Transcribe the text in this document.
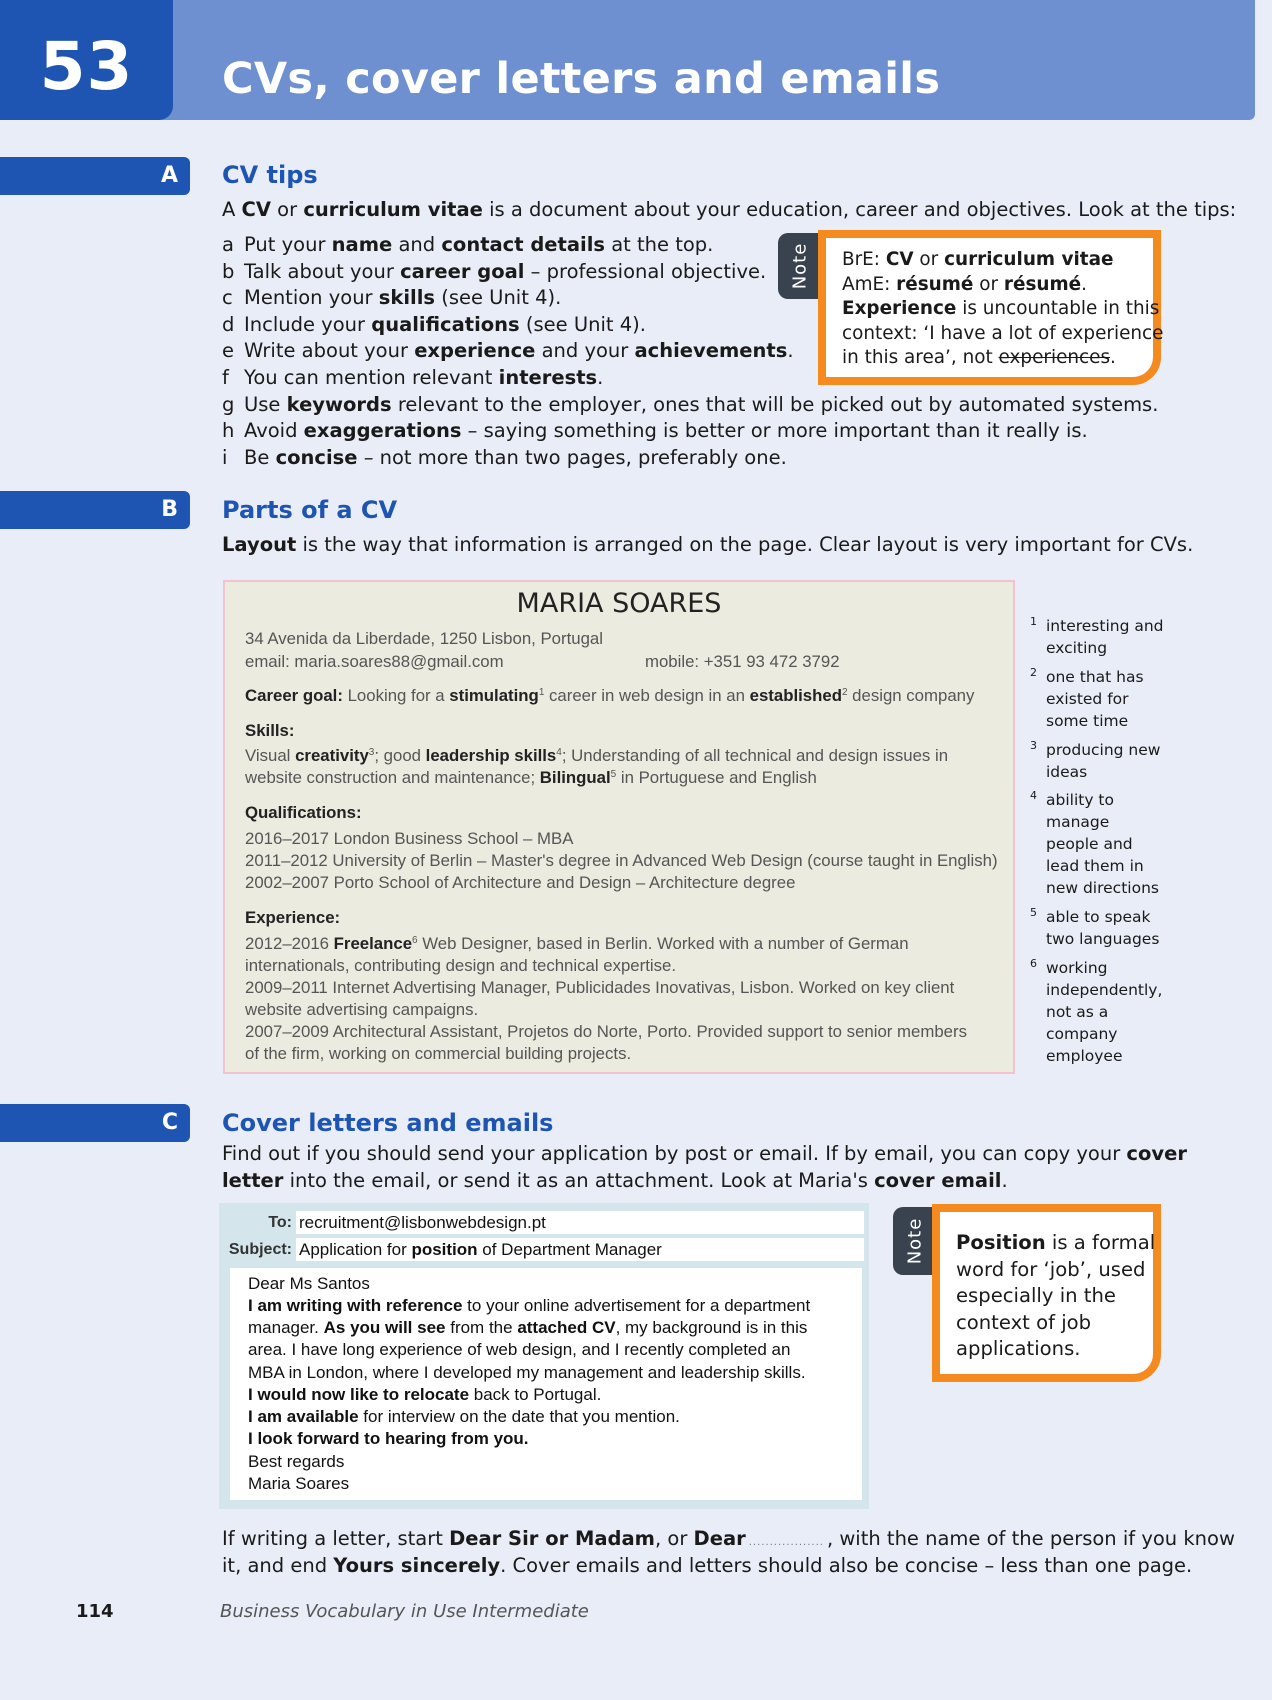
53	CVs, cover letters and emails
A CV tips
A CV or curriculum vitae is a document about your education, career and objectives. Look at the tips:
a Put your name and contact details at the top.
b Talk about your career goal – professional objective.
c Mention your skills (see Unit 4).
d Include your qualifications (see Unit 4).
e Write about your experience and your achievements.
f You can mention relevant interests.
g Use keywords relevant to the employer, ones that will be picked out by automated systems.
h Avoid exaggerations – saying something is better or more important than it really is.
i Be concise – not more than two pages, preferably one.
Note BrE: CV or curriculum vitae
AmE: résumé or résumé.
Experience is uncountable in this
context: ‘I have a lot of experience
in this area’, not experiences.
B Parts of a CV
Layout is the way that information is arranged on the page. Clear layout is very important for CVs.
MARIA SOARES
34 Avenida da Liberdade, 1250 Lisbon, Portugal
email: maria.soares88@gmail.com	mobile: +351 93 472 3792
Career goal: Looking for a stimulating$^1$ career in web design in an established$^2$ design company
Skills:
Visual creativity$^3$; good leadership skills$^4$; Understanding of all technical and design issues in
website construction and maintenance; Bilingual$^5$ in Portuguese and English
Qualifications:
2016–2017 London Business School – MBA
2011–2012 University of Berlin – Master's degree in Advanced Web Design (course taught in English)
2002–2007 Porto School of Architecture and Design – Architecture degree
Experience:
2012–2016 Freelance$^6$ Web Designer, based in Berlin. Worked with a number of German
internationals, contributing design and technical expertise.
2009–2011 Internet Advertising Manager, Publicidades Inovativas, Lisbon. Worked on key client
website advertising campaigns.
2007–2009 Architectural Assistant, Projetos do Norte, Porto. Provided support to senior members
of the firm, working on commercial building projects.
1 interesting and exciting
2 one that has existed for some time
3 producing new ideas
4 ability to manage people and lead them in new directions
5 able to speak two languages
6 working independently, not as a company employee
C Cover letters and emails
Find out if you should send your application by post or email. If by email, you can copy your cover
letter into the email, or send it as an attachment. Look at Maria's cover email.
To: recruitment@lisbonwebdesign.pt
Subject: Application for position of Department Manager
Dear Ms Santos
I am writing with reference to your online advertisement for a department
manager. As you will see from the attached CV, my background is in this
area. I have long experience of web design, and I recently completed an
MBA in London, where I developed my management and leadership skills.
I would now like to relocate back to Portugal.
I am available for interview on the date that you mention.
I look forward to hearing from you.
Best regards
Maria Soares
Note Position is a formal
word for ‘job’, used
especially in the
context of job
applications.
If writing a letter, start Dear Sir or Madam, or Dear .................. , with the name of the person if you know
it, and end Yours sincerely. Cover emails and letters should also be concise – less than one page.
114	Business Vocabulary in Use Intermediate
